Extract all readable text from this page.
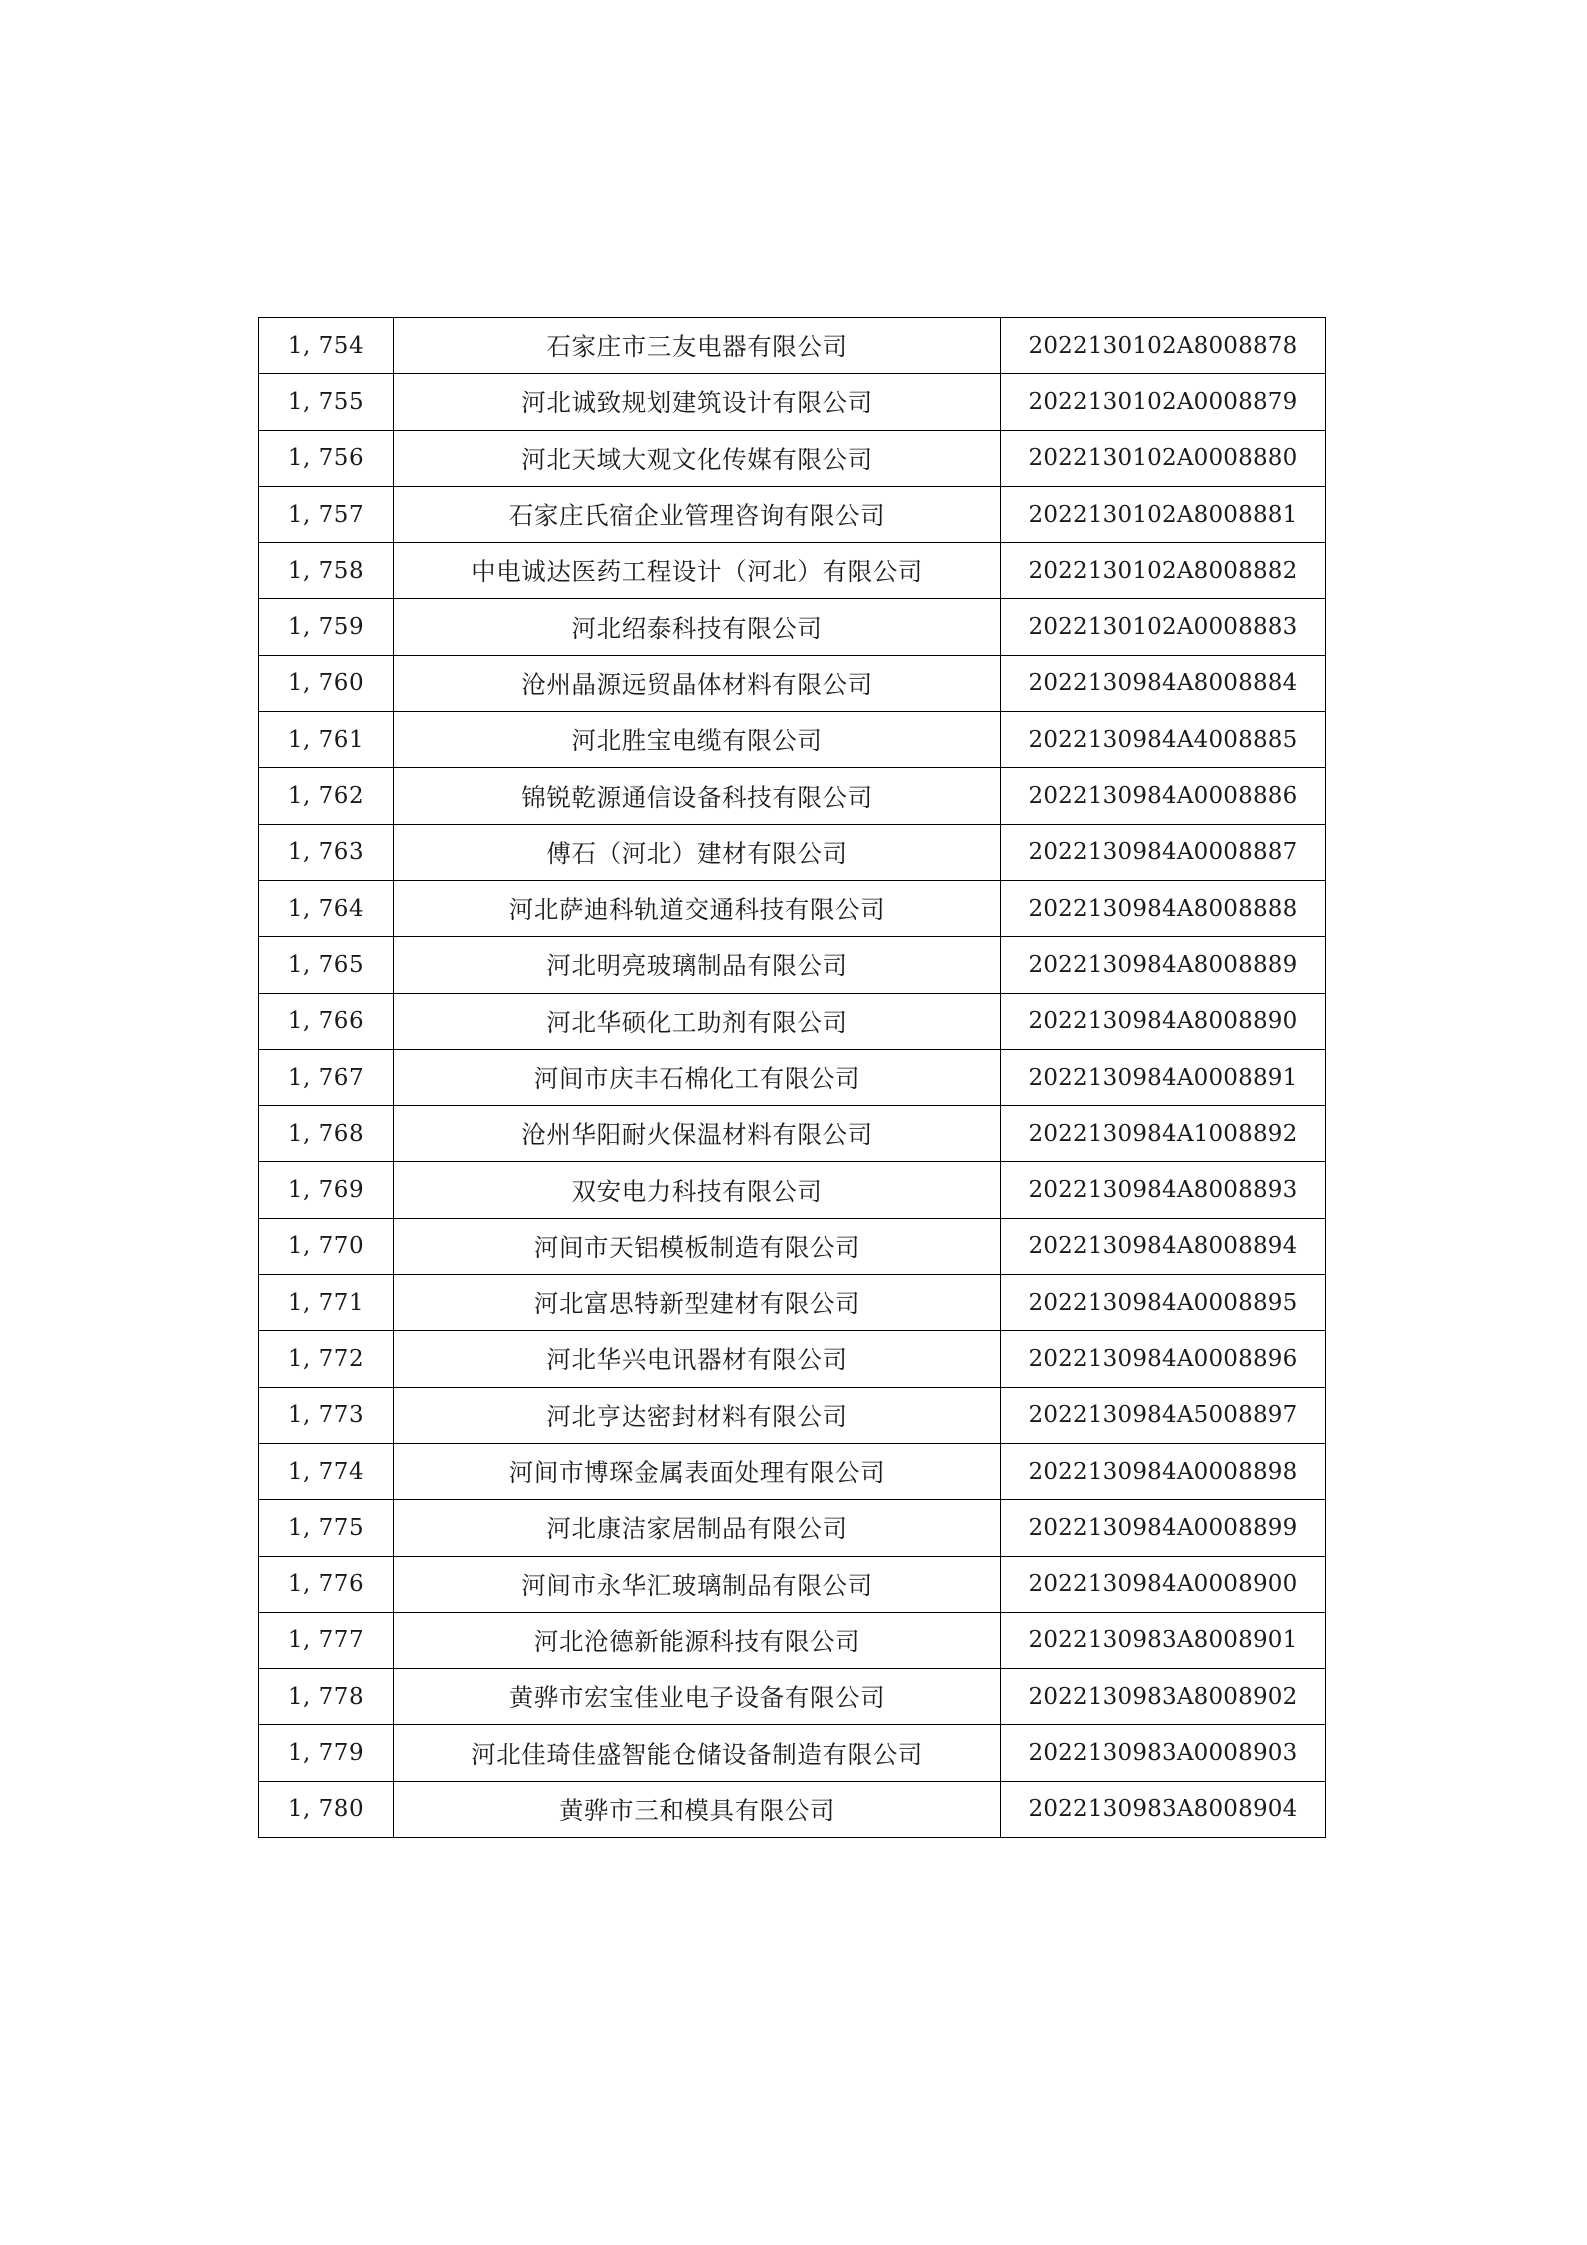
1, 754	石家庄市三友电器有限公司	2022130102A8008878
1, 755	河北诚致规划建筑设计有限公司	2022130102A0008879
1, 756	河北天域大观文化传媒有限公司	2022130102A0008880
1, 757	石家庄氏宿企业管理咨询有限公司	2022130102A8008881
1, 758	中电诚达医药工程设计（河北）有限公司	2022130102A8008882
1, 759	河北绍泰科技有限公司	2022130102A0008883
1, 760	沧州晶源远贸晶体材料有限公司	2022130984A8008884
1, 761	河北胜宝电缆有限公司	2022130984A4008885
1, 762	锦锐乾源通信设备科技有限公司	2022130984A0008886
1, 763	傅石（河北）建材有限公司	2022130984A0008887
1, 764	河北萨迪科轨道交通科技有限公司	2022130984A8008888
1, 765	河北明亮玻璃制品有限公司	2022130984A8008889
1, 766	河北华硕化工助剂有限公司	2022130984A8008890
1, 767	河间市庆丰石棉化工有限公司	2022130984A0008891
1, 768	沧州华阳耐火保温材料有限公司	2022130984A1008892
1, 769	双安电力科技有限公司	2022130984A8008893
1, 770	河间市天铝模板制造有限公司	2022130984A8008894
1, 771	河北富思特新型建材有限公司	2022130984A0008895
1, 772	河北华兴电讯器材有限公司	2022130984A0008896
1, 773	河北亨达密封材料有限公司	2022130984A5008897
1, 774	河间市博琛金属表面处理有限公司	2022130984A0008898
1, 775	河北康洁家居制品有限公司	2022130984A0008899
1, 776	河间市永华汇玻璃制品有限公司	2022130984A0008900
1, 777	河北沧德新能源科技有限公司	2022130983A8008901
1, 778	黄骅市宏宝佳业电子设备有限公司	2022130983A8008902
1, 779	河北佳琦佳盛智能仓储设备制造有限公司	2022130983A0008903
1, 780	黄骅市三和模具有限公司	2022130983A8008904
